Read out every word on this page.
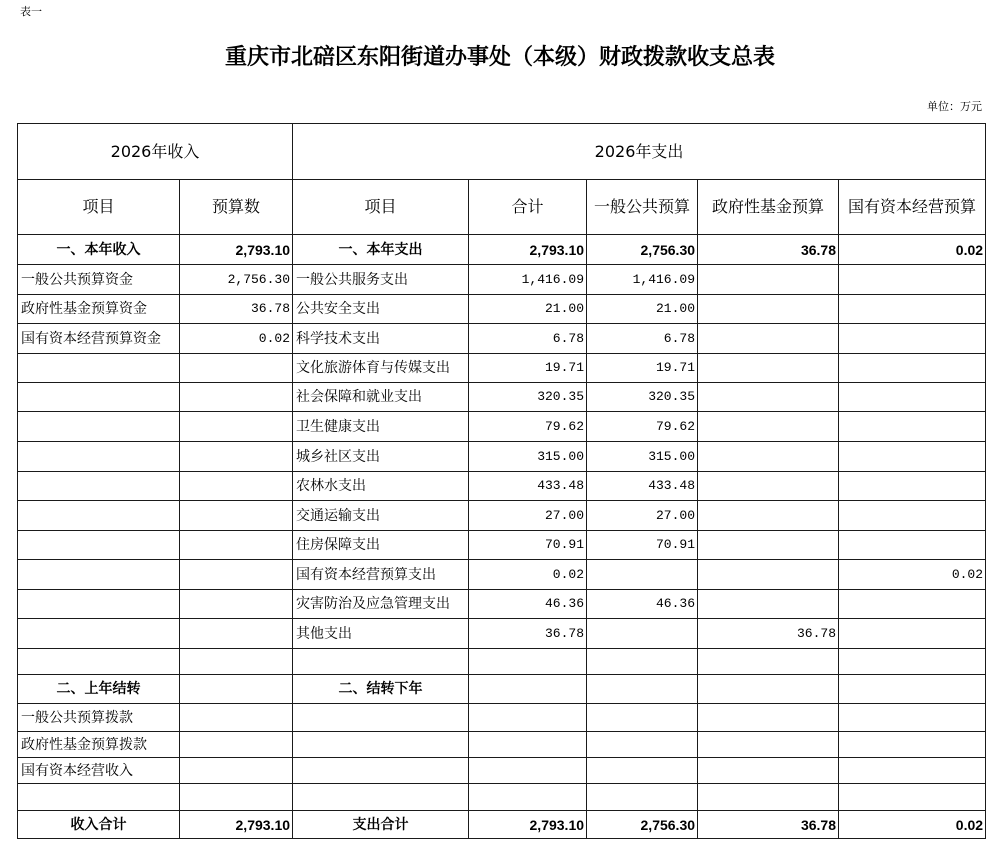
表一
重庆市北碚区东阳街道办事处（本级）财政拨款收支总表
单位：万元
2026年收入		2026年支出				
项目	预算数	项目	合计	一般公共预算	政府性基金预算	国有资本经营预算
一、本年收入	2,793.10	一、本年支出	2,793.10	2,756.30	36.78	0.02
一般公共预算资金	2,756.30	一般公共服务支出	1,416.09	1,416.09		
政府性基金预算资金	36.78	公共安全支出	21.00	21.00		
国有资本经营预算资金	0.02	科学技术支出	6.78	6.78		
		文化旅游体育与传媒支出	19.71	19.71		
		社会保障和就业支出	320.35	320.35		
		卫生健康支出	79.62	79.62		
		城乡社区支出	315.00	315.00		
		农林水支出	433.48	433.48		
		交通运输支出	27.00	27.00		
		住房保障支出	70.91	70.91		
		国有资本经营预算支出	0.02			0.02
		灾害防治及应急管理支出	46.36	46.36		
		其他支出	36.78		36.78	

二、上年结转		二、结转下年				
一般公共预算拨款						
政府性基金预算拨款						
国有资本经营收入						

收入合计	2,793.10	支出合计	2,793.10	2,756.30	36.78	0.02
